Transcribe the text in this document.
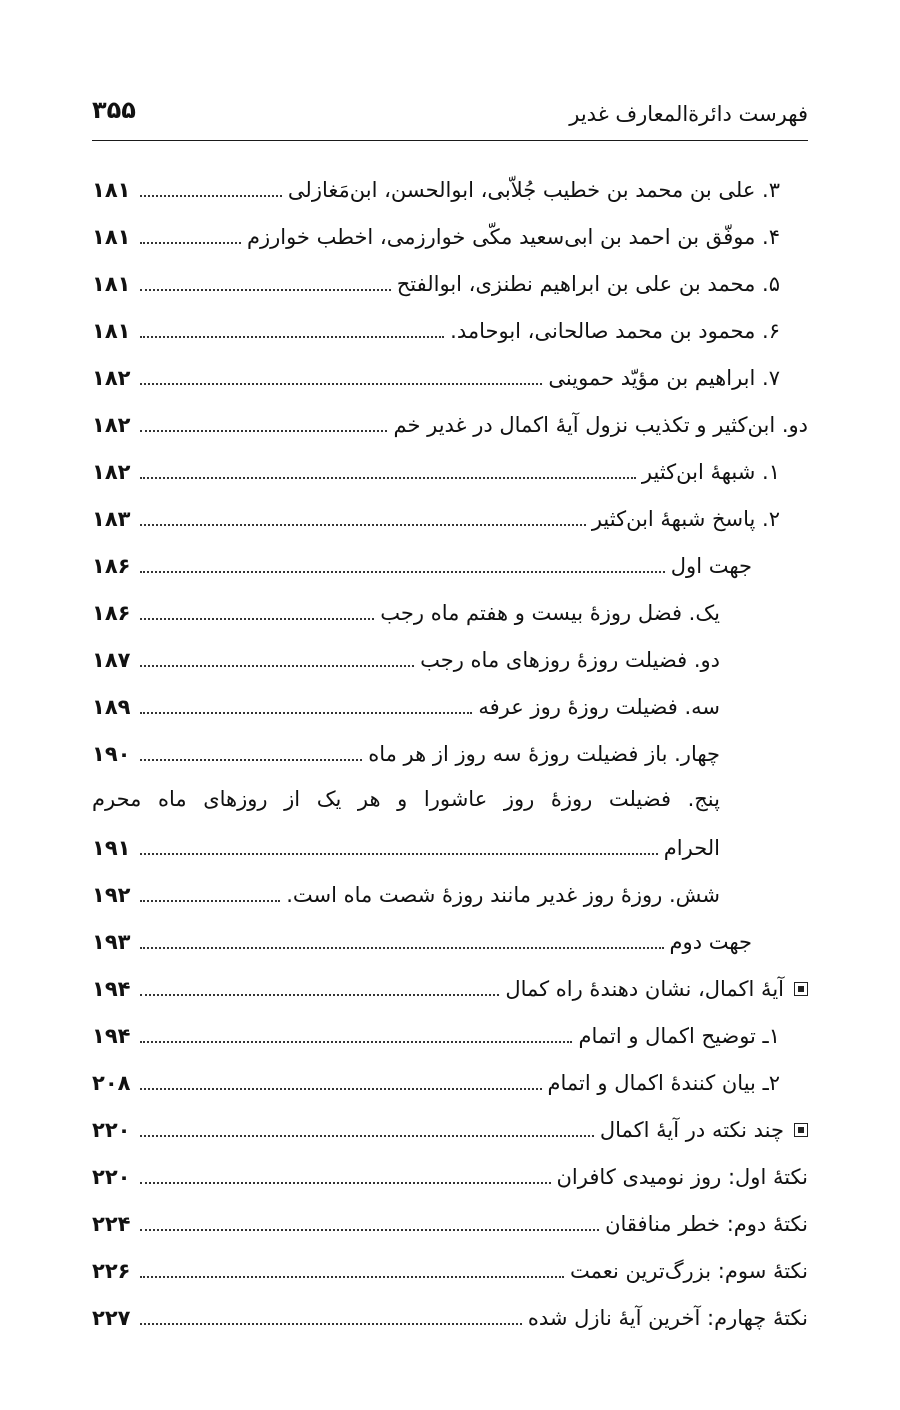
فهرست دائرةالمعارف غدیر
۳۵۵
۳. علی بن محمد بن خطیب جُلاّبی، ابوالحسن، ابن‌مَغازلی
۱۸۱
۴. موفّق بن احمد بن ابی‌سعید مکّی خوارزمی، اخطب خوارزم
۱۸۱
۵. محمد بن علی بن ابراهیم نطنزی، ابوالفتح
۱۸۱
۶. محمود بن محمد صالحانی، ابوحامد.
۱۸۱
۷. ابراهیم بن مؤیّد حموینی
۱۸۲
دو. ابن‌کثیر و تکذیب نزول آیهٔ اکمال در غدیر خم
۱۸۲
۱. شبههٔ ابن‌کثیر
۱۸۲
۲. پاسخ شبههٔ ابن‌کثیر
۱۸۳
جهت اول
۱۸۶
یک. فضل روزهٔ بیست و هفتم ماه رجب
۱۸۶
دو. فضیلت روزهٔ روزهای ماه رجب
۱۸۷
سه. فضیلت روزهٔ روز عرفه
۱۸۹
چهار. باز فضیلت روزهٔ سه روز از هر ماه
۱۹۰
پنج. فضیلت روزهٔ روز عاشورا و هر یک از روزهای ماه محرم
الحرام
۱۹۱
شش. روزهٔ روز غدیر مانند روزهٔ شصت ماه است.
۱۹۲
جهت دوم
۱۹۳
آیهٔ اکمال، نشان دهندهٔ راه کمال
۱۹۴
۱ـ توضیح اکمال و اتمام
۱۹۴
۲ـ بیان کنندهٔ اکمال و اتمام
۲۰۸
چند نکته در آیهٔ اکمال
۲۲۰
نکتهٔ اول: روز نومیدی کافران
۲۲۰
نکتهٔ دوم: خطر منافقان
۲۲۴
نکتهٔ سوم: بزرگ‌ترین نعمت
۲۲۶
نکتهٔ چهارم: آخرین آیهٔ نازل شده
۲۲۷
